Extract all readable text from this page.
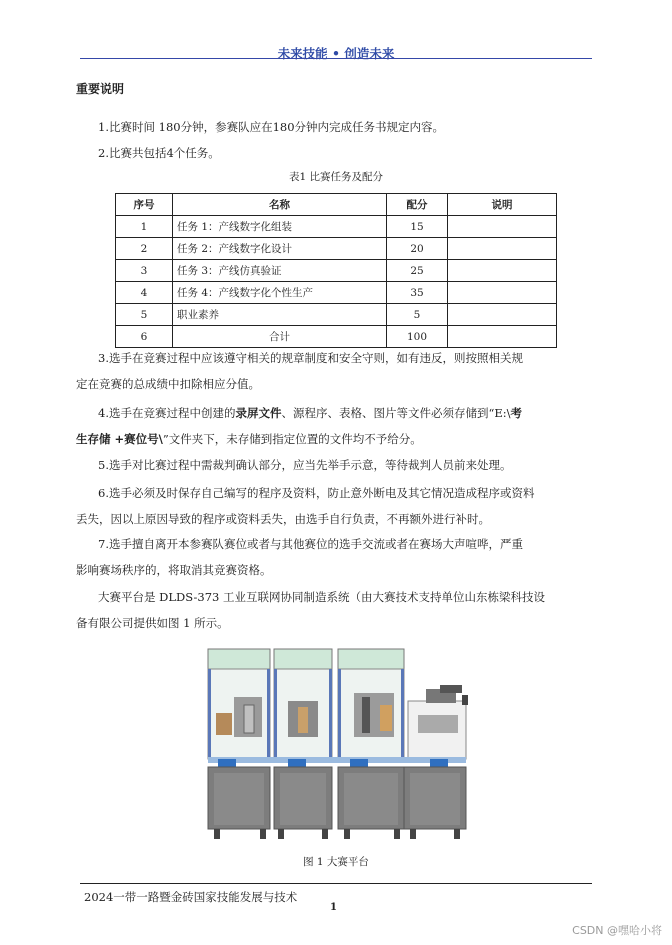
未来技能 • 创造未来
重要说明
1.比赛时间 180分钟，参赛队应在180分钟内完成任务书规定内容。
2.比赛共包括4个任务。
表1 比赛任务及配分
序号	名称	配分	说明
1	任务 1：产线数字化组装	15	
2	任务 2：产线数字化设计	20	
3	任务 3：产线仿真验证	25	
4	任务 4：产线数字化个性生产	35	
5	职业素养	5	
6	合计	100	
3.选手在竞赛过程中应该遵守相关的规章制度和安全守则，如有违反，则按照相关规
定在竞赛的总成绩中扣除相应分值。
4.选手在竞赛过程中创建的录屏文件、源程序、表格、图片等文件必须存储到“E:\考
生存储 +赛位号\”文件夹下，未存储到指定位置的文件均不予给分。
5.选手对比赛过程中需裁判确认部分，应当先举手示意，等待裁判人员前来处理。
6.选手必须及时保存自己编写的程序及资料，防止意外断电及其它情况造成程序或资料
丢失，因以上原因导致的程序或资料丢失，由选手自行负责，不再额外进行补时。
7.选手擅自离开本参赛队赛位或者与其他赛位的选手交流或者在赛场大声喧哗，严重
影响赛场秩序的，将取消其竞赛资格。
大赛平台是 DLDS-373 工业互联网协同制造系统（由大赛技术支持单位山东栋梁科技设
备有限公司提供如图 1 所示。
图 1 大赛平台
2024一带一路暨金砖国家技能发展与技术
1
CSDN @嘿哈小将
